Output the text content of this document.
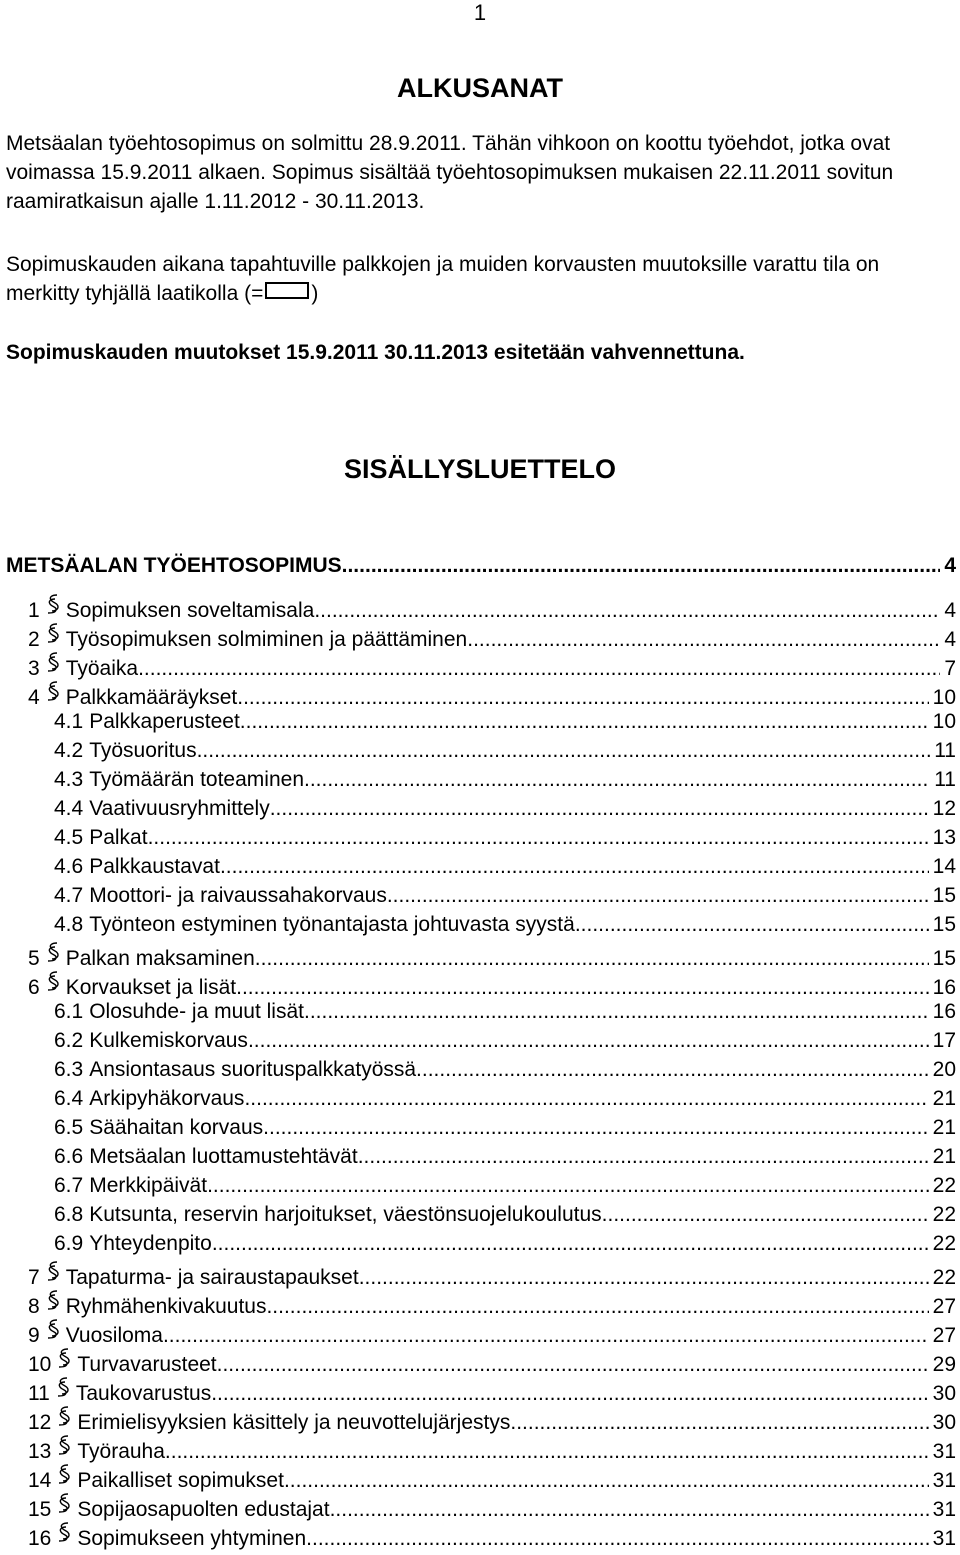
1
ALKUSANAT

Metsäalan työehtosopimus on solmittu 28.9.2011. Tähän vihkoon on koottu työehdot, jotka ovat voimassa 15.9.2011 alkaen. Sopimus sisältää työehtosopimuksen mukaisen 22.11.2011 sovitun raamiratkaisun ajalle 1.11.2012 - 30.11.2013.

Sopimuskauden aikana tapahtuville palkkojen ja muiden korvausten muutoksille varattu tila on merkitty tyhjällä laatikolla (= )

Sopimuskauden muutokset 15.9.2011 30.11.2013 esitetään vahvennettuna.

SISÄLLYSLUETTELO
METSÄALAN TYÖEHTOSOPIMUS .....	4
1 Sopimuksen soveltamisala .....	4
2 Työsopimuksen solmiminen ja päättäminen .....	4
3 Työaika .....	7
4 Palkkamääräykset .....	10
4.1 Palkkaperusteet .....	10
4.2 Työsuoritus .....	11
4.3 Työmäärän toteaminen .....	11
4.4 Vaativuusryhmittely .....	12
4.5 Palkat .....	13
4.6 Palkkaustavat .....	14
4.7 Moottori- ja raivaussahakorvaus .....	15
4.8 Työnteon estyminen työnantajasta johtuvasta syystä .....	15
5 Palkan maksaminen .....	15
6 Korvaukset ja lisät .....	16
6.1 Olosuhde- ja muut lisät .....	16
6.2 Kulkemiskorvaus .....	17
6.3 Ansiontasaus suorituspalkkatyössä .....	20
6.4 Arkipyhäkorvaus .....	21
6.5 Säähaitan korvaus .....	21
6.6 Metsäalan luottamustehtävät .....	21
6.7 Merkkipäivät .....	22
6.8 Kutsunta, reservin harjoitukset, väestönsuojelukoulutus .....	22
6.9 Yhteydenpito .....	22
7 Tapaturma- ja sairaustapaukset .....	22
8 Ryhmähenkivakuutus .....	27
9 Vuosiloma .....	27
10 Turvavarusteet .....	29
11 Taukovarustus .....	30
12 Erimielisyyksien käsittely ja neuvottelujärjestys .....	30
13 Työrauha .....	31
14 Paikalliset sopimukset .....	31
15 Sopijaosapuolten edustajat .....	31
16 Sopimukseen yhtyminen .....	31
